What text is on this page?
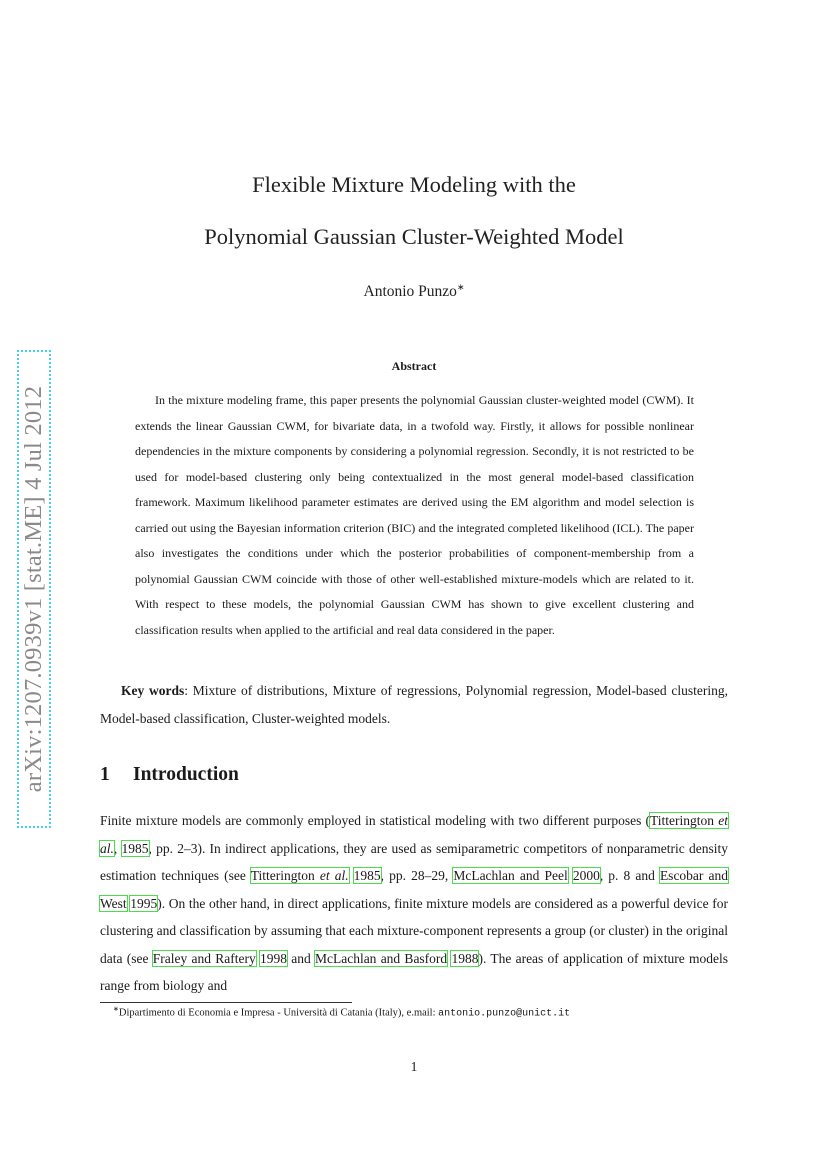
arXiv:1207.0939v1 [stat.ME] 4 Jul 2012
Flexible Mixture Modeling with the
Polynomial Gaussian Cluster-Weighted Model
Antonio Punzo∗
Abstract

In the mixture modeling frame, this paper presents the polynomial Gaussian cluster-weighted model (CWM). It extends the linear Gaussian CWM, for bivariate data, in a twofold way. Firstly, it allows for possible nonlinear dependencies in the mixture components by considering a polynomial regression. Secondly, it is not restricted to be used for model-based clustering only being contextualized in the most general model-based classification framework. Maximum likelihood parameter estimates are derived using the EM algorithm and model selection is carried out using the Bayesian information criterion (BIC) and the integrated completed likelihood (ICL). The paper also investigates the conditions under which the posterior probabilities of component-membership from a polynomial Gaussian CWM coincide with those of other well-established mixture-models which are related to it. With respect to these models, the polynomial Gaussian CWM has shown to give excellent clustering and classification results when applied to the artificial and real data considered in the paper.

Key words: Mixture of distributions, Mixture of regressions, Polynomial regression, Model-based clustering, Model-based classification, Cluster-weighted models.

1 Introduction

Finite mixture models are commonly employed in statistical modeling with two different purposes (Titterington et al., 1985, pp. 2–3). In indirect applications, they are used as semiparametric competitors of nonparametric density estimation techniques (see Titterington et al. 1985, pp. 28–29, McLachlan and Peel 2000, p. 8 and Escobar and West 1995). On the other hand, in direct applications, finite mixture models are considered as a powerful device for clustering and classification by assuming that each mixture-component represents a group (or cluster) in the original data (see Fraley and Raftery 1998 and McLachlan and Basford 1988). The areas of application of mixture models range from biology and

∗Dipartimento di Economia e Impresa - Università di Catania (Italy), e.mail: antonio.punzo@unict.it
1
